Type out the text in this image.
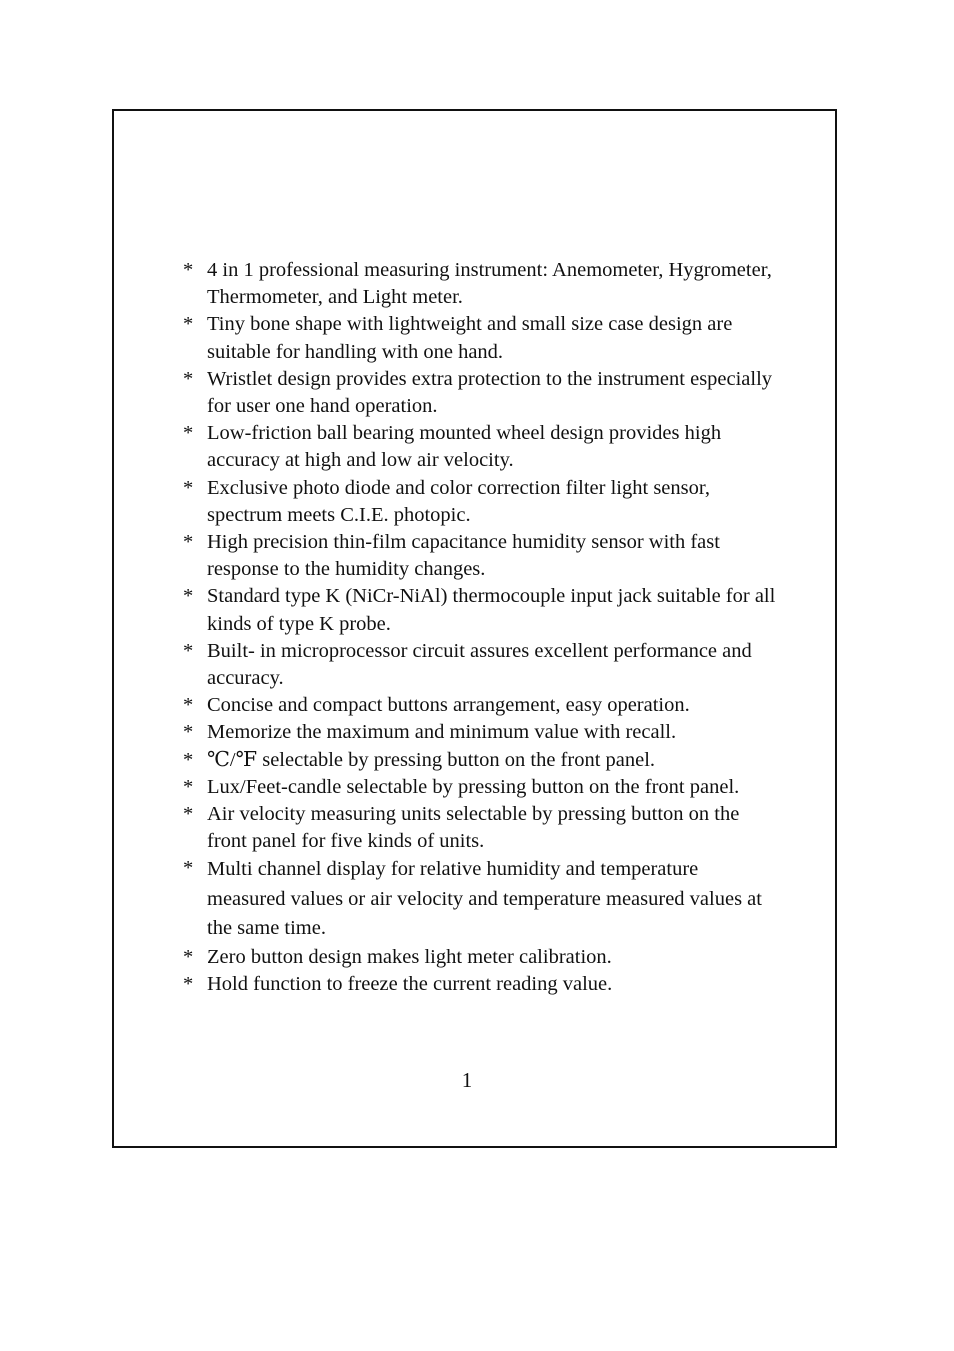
* 4 in 1 professional measuring instrument: Anemometer, Hygrometer, Thermometer, and Light meter.
* Tiny bone shape with lightweight and small size case design are suitable for handling with one hand.
* Wristlet design provides extra protection to the instrument especially for user one hand operation.
* Low-friction ball bearing mounted wheel design provides high accuracy at high and low air velocity.
* Exclusive photo diode and color correction filter light sensor, spectrum meets C.I.E. photopic.
* High precision thin-film capacitance humidity sensor with fast response to the humidity changes.
* Standard type K (NiCr-NiAl) thermocouple input jack suitable for all kinds of type K probe.
* Built- in microprocessor circuit assures excellent performance and accuracy.
* Concise and compact buttons arrangement, easy operation.
* Memorize the maximum and minimum value with recall.
* ℃/℉ selectable by pressing button on the front panel.
* Lux/Feet-candle selectable by pressing button on the front panel.
* Air velocity measuring units selectable by pressing button on the front panel for five kinds of units.
* Multi channel display for relative humidity and temperature measured values or air velocity and temperature measured values at the same time.
* Zero button design makes light meter calibration.
* Hold function to freeze the current reading value.
1
